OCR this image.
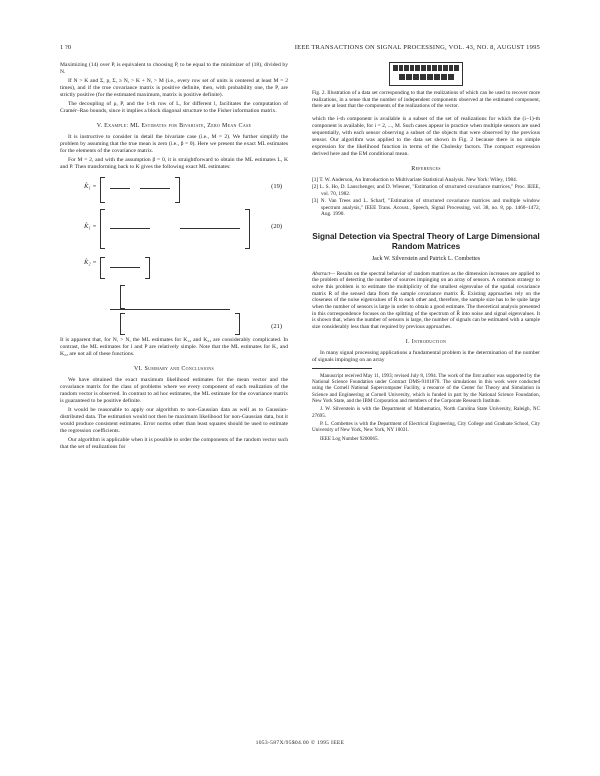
1 ?0	IEEE TRANSACTIONS ON SIGNAL PROCESSING, VOL. 43, NO. 8, AUGUST 1995

Maximizing (14) over P, is equivalent to choosing P, to be equal to the minimizer of (18), divided by N.

If N > K and Σ, p, Σ, ≥ N, > K + N, > M (i.e., every row set of units is centered at least M = 2 times), and if the true covariance matrix is positive definite, then, with probability one, the P, are strictly positive (for the estimated maximum, matrix is positive definite).

The decoupling of ρ, P, and the 1-th row of L, for different l, facilitates the computation of Cramér–Rao bounds, since it implies a block diagonal structure to the Fisher information matrix.

V. Example: ML Estimates for Bivariate, Zero Mean Case

It is instructive to consider in detail the bivariate case (i.e., M = 2). We further simplify the problem by assuming that the true mean is zero (i.e., β = 0). Here we present the exact ML estimates for the elements of the covariance matrix.

For M = 2, and with the assumption β = 0, it is straightforward to obtain the ML estimates L, K and P. Then transforming back to K gives the following exact ML estimates:

K̂₁ =	(19)
K̂₁ =	(20)
K̂₂ =
(21)

It is apparent that, for N, > N, the ML estimates for K₁₂ and K₂₂ are considerably complicated. In contrast, the ML estimates for l and P are relatively simple. Note that the ML estimates for K₁ and K₂₂ are not all of these functions.

VI. Summary and Conclusions

We have obtained the exact maximum likelihood estimates for the mean vector and the covariance matrix for the class of problems where we every component of each realization of the random vector is observed. In contrast to ad hoc estimates, the ML estimate for the covariance matrix is guaranteed to be positive definite.

It would be reasonable to apply our algorithm to non-Gaussian data as well as to Gaussian-distributed data. The estimation would not then be maximum likelihood for non-Gaussian data, but it would produce consistent estimates. Error norms other than least squares should be used to estimate the regression coefficients.

Our algorithm is applicable when it is possible to order the components of the random vector such that the set of realizations for

Fig. 2. Illustration of a data set corresponding to that the realizations of which can be used to recover more realizations, in a sense that the number of independent components observed at the estimated component, there are at least that the components of the realizations of the vector.

which the i-th component is available is a subset of the set of realizations for which the (i−1)-th component is available, for i = 2, ..., M. Such cases appear in practice when multiple sensors are used sequentially, with each sensor observing a subset of the objects that were observed by the previous sensor. Our algorithm was applied to the data set shown in Fig. 2 because there is no simple expression for the likelihood function in terms of the Cholesky factors. The compact expression derived here and the EM conditional mean.

References

[1] T. W. Anderson, An Introduction to Multivariate Statistical Analysis. New York: Wiley, 1984.

[2] L. S. Ho, D. Lauschenger, and D. Wiesner, "Estimation of structured covariance matrices," Proc. IEEE, vol. 70, 1982.

[3] N. Van Trees and L. Scharf, "Estimation of structured covariance matrices and multiple window spectrum analysis," IEEE Trans. Acoust., Speech, Signal Processing, vol. 38, no. 8, pp. 1460–1472, Aug. 1990.

Signal Detection via Spectral Theory of Large Dimensional Random Matrices
Jack W. Silverstein and Patrick L. Combettes
Abstract— Results on the spectral behavior of random matrices as the dimension increases are applied to the problem of detecting the number of sources impinging on an array of sensors. A common strategy to solve this problem is to estimate the multiplicity of the smallest eigenvalue of the spatial covariance matrix R of the sensed data from the sample covariance matrix R̂. Existing approaches rely on the closeness of the noise eigenvalues of R̂ to each other and, therefore, the sample size has to be quite large when the number of sensors is large in order to obtain a good estimate. The theoretical analysis presented in this correspondence focuses on the splitting of the spectrum of R̂ into noise and signal eigenvalues. It is shown that, when the number of sensors is large, the number of signals can be estimated with a sample size considerably less than that required by previous approaches.
I. Introduction

In many signal processing applications a fundamental problem is the determination of the number of signals impinging on an array

Manuscript received May 11, 1993; revised July 8, 1994. The work of the first author was supported by the National Science Foundation under Contract DMS-9101870. The simulations in this work were conducted using the Cornell National Supercomputer Facility, a resource of the Center for Theory and Simulation in Science and Engineering at Cornell University, which is funded in part by the National Science Foundation, New York State, and the IBM Corporation and members of the Corporate Research Institute.

J. W. Silverstein is with the Department of Mathematics, North Carolina State University, Raleigh, NC 27695.

P. L. Combettes is with the Department of Electrical Engineering, City College and Graduate School, City University of New York, New York, NY 10031.

IEEE Log Number 9200065.

1053-587X/95$04.00 © 1995 IEEE
